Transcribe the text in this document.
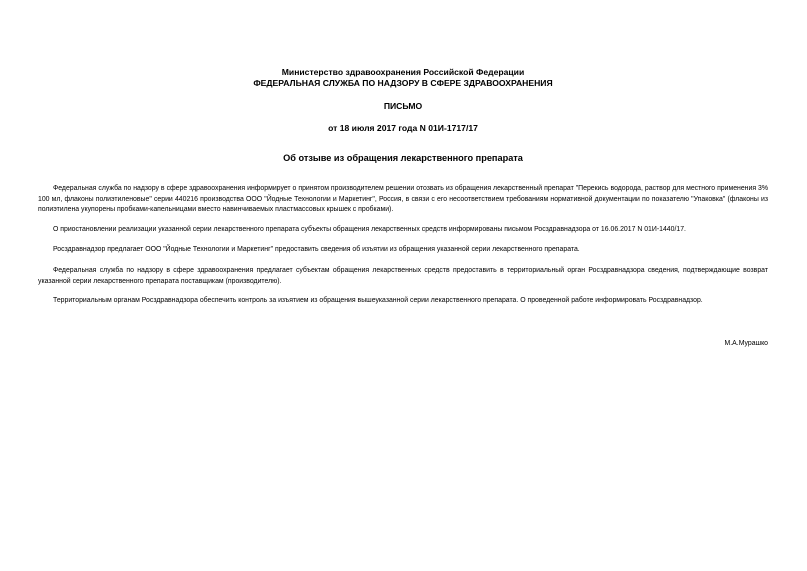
Министерство здравоохранения Российской Федерации
ФЕДЕРАЛЬНАЯ СЛУЖБА ПО НАДЗОРУ В СФЕРЕ ЗДРАВООХРАНЕНИЯ
ПИСЬМО
от 18 июля 2017 года N 01И-1717/17
Об отзыве из обращения лекарственного препарата
Федеральная служба по надзору в сфере здравоохранения информирует о принятом производителем решении отозвать из обращения лекарственный препарат "Перекись водорода, раствор для местного применения 3% 100 мл, флаконы полиэтиленовые" серии 440216 производства ООО "Йодные Технологии и Маркетинг", Россия, в связи с его несоответствием требованиям нормативной документации по показателю "Упаковка" (флаконы из полиэтилена укупорены пробками-капельницами вместо навинчиваемых пластмассовых крышек с пробками).
О приостановлении реализации указанной серии лекарственного препарата субъекты обращения лекарственных средств информированы письмом Росздравнадзора от 16.06.2017 N 01И-1440/17.
Росздравнадзор предлагает ООО "Йодные Технологии и Маркетинг" предоставить сведения об изъятии из обращения указанной серии лекарственного препарата.
Федеральная служба по надзору в сфере здравоохранения предлагает субъектам обращения лекарственных средств предоставить в территориальный орган Росздравнадзора сведения, подтверждающие возврат указанной серии лекарственного препарата поставщикам (производителю).
Территориальным органам Росздравнадзора обеспечить контроль за изъятием из обращения вышеуказанной серии лекарственного препарата. О проведенной работе информировать Росздравнадзор.
М.А.Мурашко
